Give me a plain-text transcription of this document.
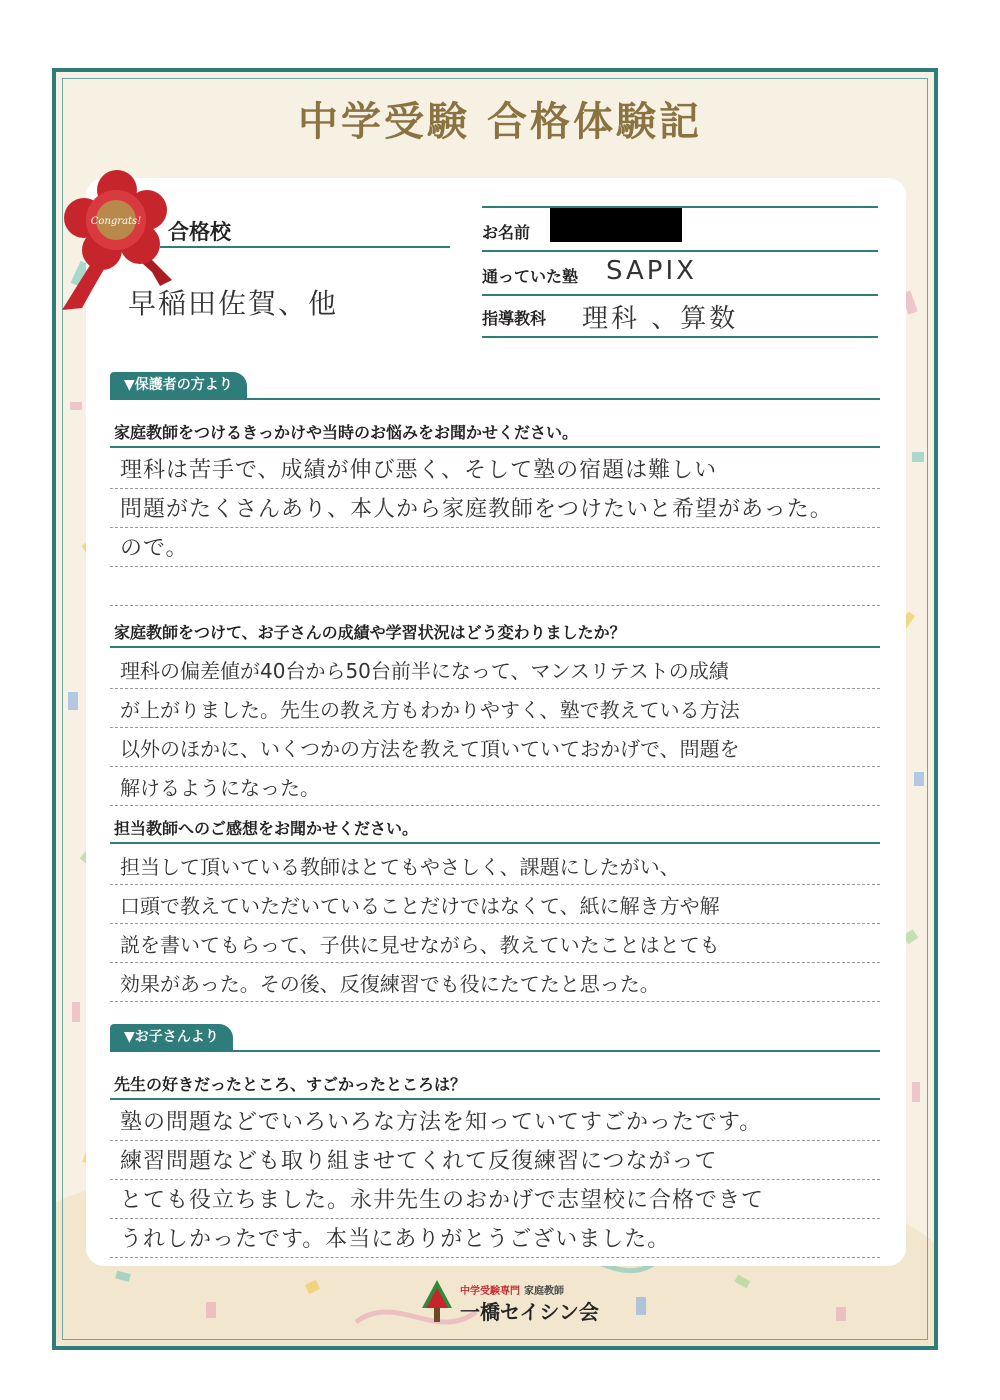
中学受験 合格体験記
Congrats! 合格校
早稲田佐賀、他
お名前
通っていた塾 SAPIX
指導教科 理科 、算数
▼保護者の方より
家庭教師をつけるきっかけや当時のお悩みをお聞かせください。
理科は苦手で、成績が伸び悪く、そして塾の宿題は難しい
問題がたくさんあり、本人から家庭教師をつけたいと希望があった。
ので。
家庭教師をつけて、お子さんの成績や学習状況はどう変わりましたか？
理科の偏差値が40台から50台前半になって、マンスリテストの成績
が上がりました。先生の教え方もわかりやすく、塾で教えている方法
以外のほかに、いくつかの方法を教えて頂いていておかげで、問題を
解けるようになった。
担当教師へのご感想をお聞かせください。
担当して頂いている教師はとてもやさしく、課題にしたがい、
口頭で教えていただいていることだけではなくて、紙に解き方や解
説を書いてもらって、子供に見せながら、教えていたことはとても
効果があった。その後、反復練習でも役にたてたと思った。
▼お子さんより
先生の好きだったところ、すごかったところは？
塾の問題などでいろいろな方法を知っていてすごかったです。
練習問題なども取り組ませてくれて反復練習につながって
とても役立ちました。永井先生のおかげで志望校に合格できて
うれしかったです。本当にありがとうございました。
中学受験専門 家庭教師
一橋セイシン会
